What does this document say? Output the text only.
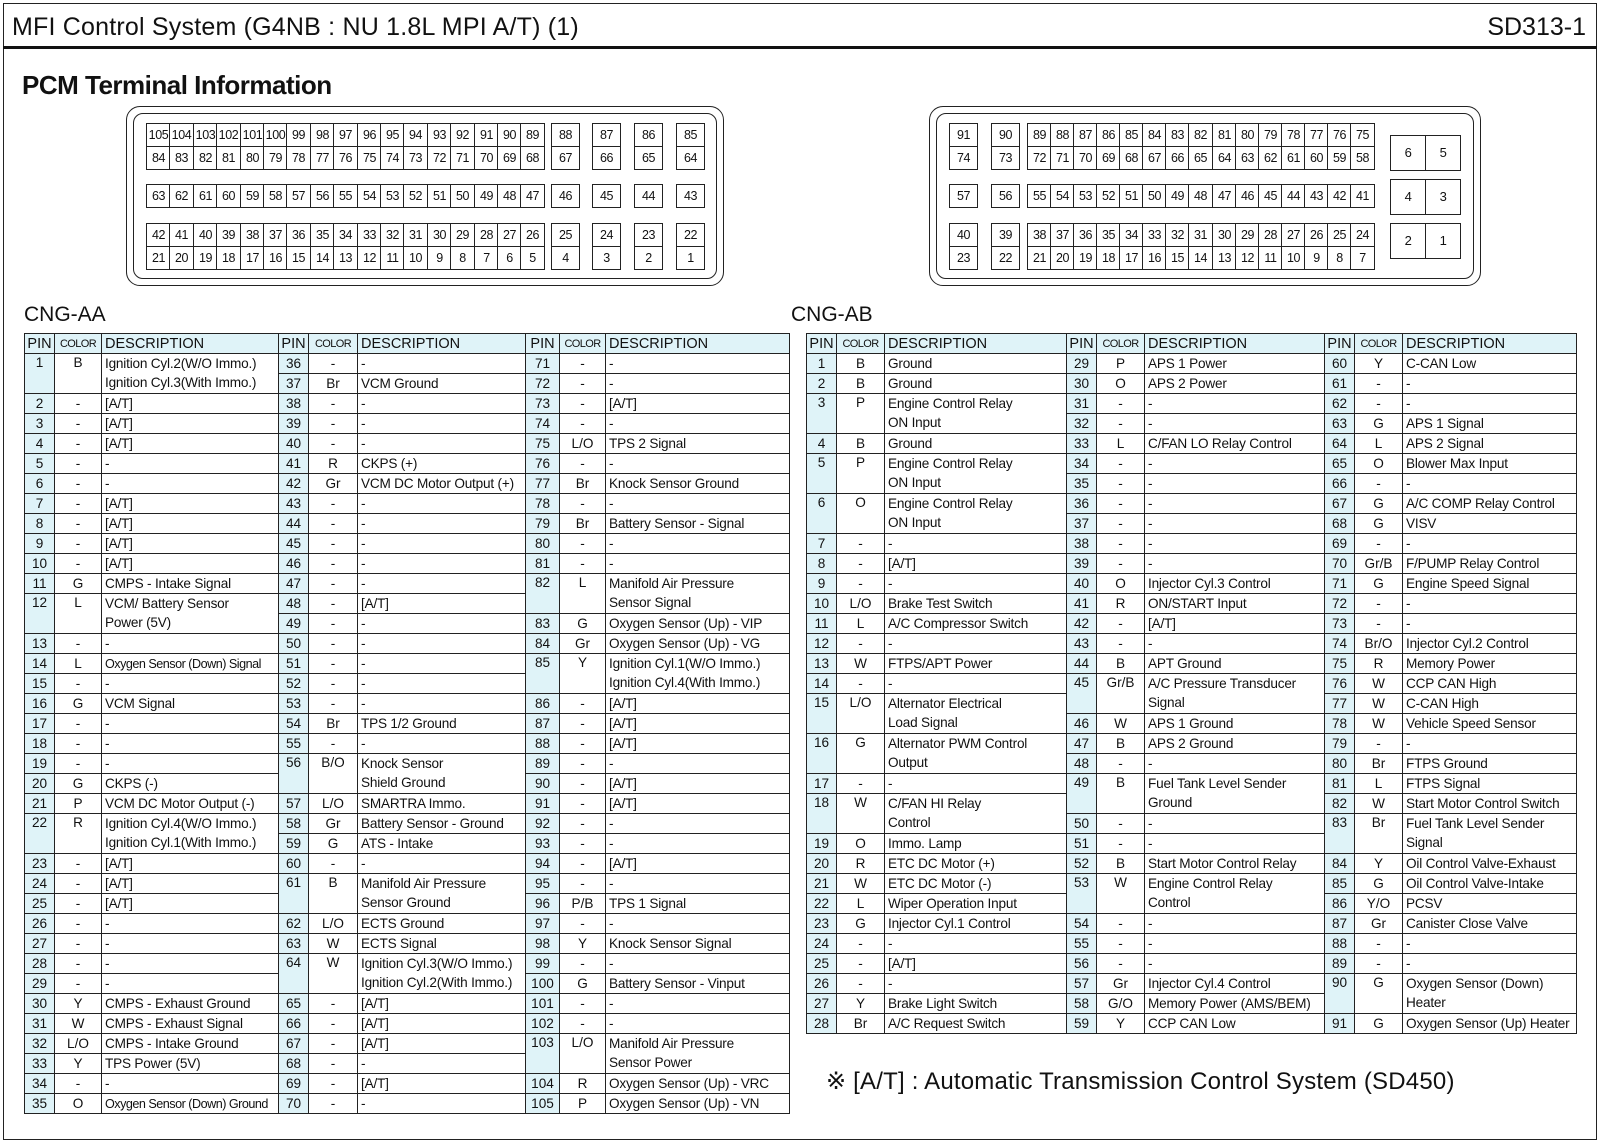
MFI Control System (G4NB : NU 1.8L MPI A/T) (1)	SD313-1
PCM Terminal Information
105 104 103 102 101 100 99 98 97 96 95 94 93 92 91 90 89	88	87	86	85
84 83 82 81 80 79 78 77 76 75 74 73 72 71 70 69 68	67	66	65	64
63 62 61 60 59 58 57 56 55 54 53 52 51 50 49 48 47	46	45	44	43
42 41 40 39 38 37 36 35 34 33 32 31 30 29 28 27 26	25	24	23	22
21 20 19 18 17 16 15 14 13 12 11 10	9	8	7	6	5	4	3	2	1
91	90	89 88 87 86 85 84 83 82 81 80 79 78 77 76 75
74	73	72 71 70 69 68 67 66 65 64 63 62 61 60 59 58
57	56	55 54 53 52 51 50 49 48 47 46 45 44 43 42 41
40	39	38 37 36 35 34 33 32 31 30 29 28 27 26 25 24
23	22	21 20 19 18 17 16 15 14 13 12 11 10	9	8	7
6	5
4	3
2	1
CNG-AA	CNG-AB
PIN	COLOR	DESCRIPTION	PIN	COLOR	DESCRIPTION	PIN	COLOR	DESCRIPTION
1	B	Ignition Cyl.2(W/O Immo.)	36	-	-	71	-	-
		Ignition Cyl.3(With Immo.)	37	Br	VCM Ground	72	-	-
2	-	[A/T]	38	-	-	73	-	[A/T]
3	-	[A/T]	39	-	-	74	-	-
4	-	[A/T]	40	-	-	75	L/O	TPS 2 Signal
5	-	-	41	R	CKPS (+)	76	-	-
6	-	-	42	Gr	VCM DC Motor Output (+)	77	Br	Knock Sensor Ground
7	-	[A/T]	43	-	-	78	-	-
8	-	[A/T]	44	-	-	79	Br	Battery Sensor - Signal
9	-	[A/T]	45	-	-	80	-	-
10	-	[A/T]	46	-	-	81	-	-
11	G	CMPS - Intake Signal	47	-	-	82	L	Manifold Air Pressure
12	L	VCM/ Battery Sensor	48	-	[A/T]			Sensor Signal
		Power (5V)	49	-	-	83	G	Oxygen Sensor (Up) - VIP
13	-	-	50	-	-	84	Gr	Oxygen Sensor (Up) - VG
14	L	Oxygen Sensor (Down) Signal	51	-	-	85	Y	Ignition Cyl.1(W/O Immo.)
15	-	-	52	-	-			Ignition Cyl.4(With Immo.)
16	G	VCM Signal	53	-	-	86	-	[A/T]
17	-	-	54	Br	TPS 1/2 Ground	87	-	[A/T]
18	-	-	55	-	-	88	-	[A/T]
19	-	-	56	B/O	Knock Sensor	89	-	-
20	G	CKPS (-)			Shield Ground	90	-	[A/T]
21	P	VCM DC Motor Output (-)	57	L/O	SMARTRA Immo.	91	-	[A/T]
22	R	Ignition Cyl.4(W/O Immo.)	58	Gr	Battery Sensor - Ground	92	-	-
		Ignition Cyl.1(With Immo.)	59	G	ATS - Intake	93	-	-
23	-	[A/T]	60	-	-	94	-	[A/T]
24	-	[A/T]	61	B	Manifold Air Pressure	95	-	-
25	-	[A/T]			Sensor Ground	96	P/B	TPS 1 Signal
26	-	-	62	L/O	ECTS Ground	97	-	-
27	-	-	63	W	ECTS Signal	98	Y	Knock Sensor Signal
28	-	-	64	W	Ignition Cyl.3(W/O Immo.)	99	-	-
29	-	-			Ignition Cyl.2(With Immo.)	100	G	Battery Sensor - Vinput
30	Y	CMPS - Exhaust Ground	65	-	[A/T]	101	-	-
31	W	CMPS - Exhaust Signal	66	-	[A/T]	102	-	-
32	L/O	CMPS - Intake Ground	67	-	[A/T]	103	L/O	Manifold Air Pressure
33	Y	TPS Power (5V)	68	-	-			Sensor Power
34	-	-	69	-	[A/T]	104	R	Oxygen Sensor (Up) - VRC
35	O	Oxygen Sensor (Down) Ground	70	-	-	105	P	Oxygen Sensor (Up) - VN
PIN	COLOR	DESCRIPTION	PIN	COLOR	DESCRIPTION	PIN	COLOR	DESCRIPTION
1	B	Ground	29	P	APS 1 Power	60	Y	C-CAN Low
2	B	Ground	30	O	APS 2 Power	61	-	-
3	P	Engine Control Relay	31	-	-	62	-	-
		ON Input	32	-	-	63	G	APS 1 Signal
4	B	Ground	33	L	C/FAN LO Relay Control	64	L	APS 2 Signal
5	P	Engine Control Relay	34	-	-	65	O	Blower Max Input
		ON Input	35	-	-	66	-	-
6	O	Engine Control Relay	36	-	-	67	G	A/C COMP Relay Control
		ON Input	37	-	-	68	G	VISV
7	-	-	38	-	-	69	-	-
8	-	[A/T]	39	-	-	70	Gr/B	F/PUMP Relay Control
9	-	-	40	O	Injector Cyl.3 Control	71	G	Engine Speed Signal
10	L/O	Brake Test Switch	41	R	ON/START Input	72	-	-
11	L	A/C Compressor Switch	42	-	[A/T]	73	-	-
12	-	-	43	-	-	74	Br/O	Injector Cyl.2 Control
13	W	FTPS/APT Power	44	B	APT Ground	75	R	Memory Power
14	-	-	45	Gr/B	A/C Pressure Transducer	76	W	CCP CAN High
15	L/O	Alternator Electrical			Signal	77	W	C-CAN High
		Load Signal	46	W	APS 1 Ground	78	W	Vehicle Speed Sensor
16	G	Alternator PWM Control	47	B	APS 2 Ground	79	-	-
		Output	48	-	-	80	Br	FTPS Ground
17	-	-	49	B	Fuel Tank Level Sender	81	L	FTPS Signal
18	W	C/FAN HI Relay			Ground	82	W	Start Motor Control Switch
		Control	50	-	-	83	Br	Fuel Tank Level Sender
19	O	Immo. Lamp	51	-	-			Signal
20	R	ETC DC Motor (+)	52	B	Start Motor Control Relay	84	Y	Oil Control Valve-Exhaust
21	W	ETC DC Motor (-)	53	W	Engine Control Relay	85	G	Oil Control Valve-Intake
22	L	Wiper Operation Input			Control	86	Y/O	PCSV
23	G	Injector Cyl.1 Control	54	-	-	87	Gr	Canister Close Valve
24	-	-	55	-	-	88	-	-
25	-	[A/T]	56	-	-	89	-	-
26	-	-	57	Gr	Injector Cyl.4 Control	90	G	Oxygen Sensor (Down)
27	Y	Brake Light Switch	58	G/O	Memory Power (AMS/BEM)			Heater
28	Br	A/C Request Switch	59	Y	CCP CAN Low	91	G	Oxygen Sensor (Up) Heater
※ [A/T] : Automatic Transmission Control System (SD450)
